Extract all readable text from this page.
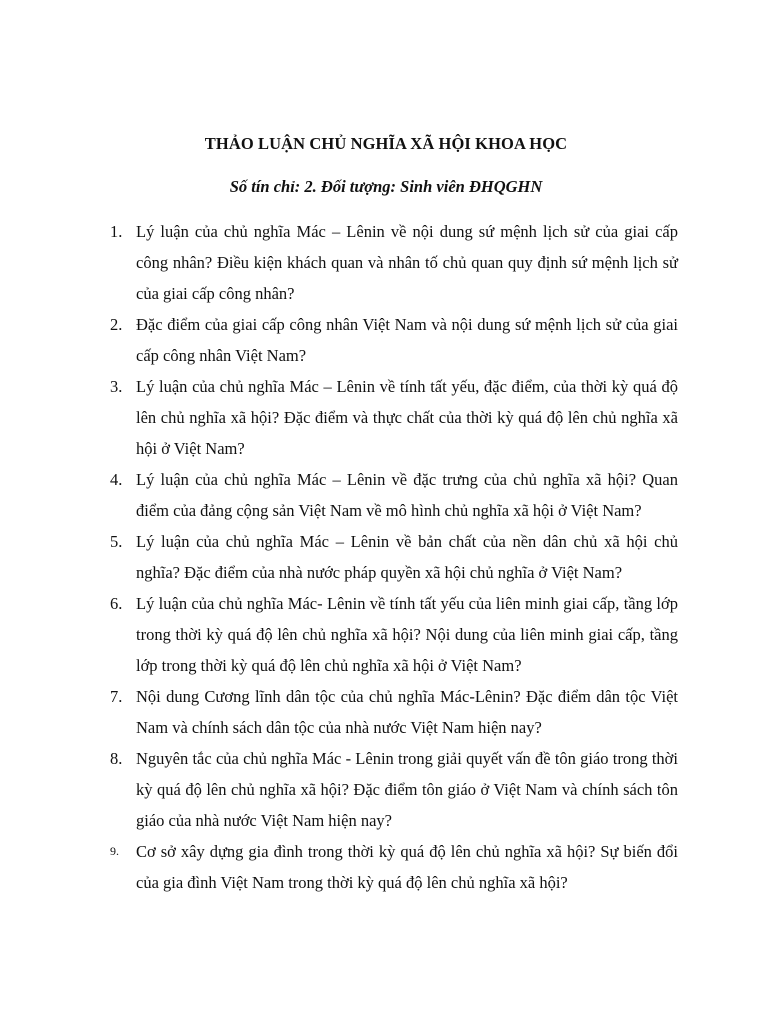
THẢO LUẬN CHỦ NGHĨA XÃ HỘI KHOA HỌC
Số tín chỉ: 2. Đối tượng: Sinh viên ĐHQGHN
1. Lý luận của chủ nghĩa Mác – Lênin về nội dung sứ mệnh lịch sử của giai cấp công nhân? Điều kiện khách quan và nhân tố chủ quan quy định sứ mệnh lịch sử của giai cấp công nhân?
2. Đặc điểm của giai cấp công nhân Việt Nam và nội dung sứ mệnh lịch sử của giai cấp công nhân Việt Nam?
3. Lý luận của chủ nghĩa Mác – Lênin về tính tất yếu, đặc điểm, của thời kỳ quá độ lên chủ nghĩa xã hội? Đặc điểm và thực chất của thời kỳ quá độ lên chủ nghĩa xã hội ở Việt Nam?
4. Lý luận của chủ nghĩa Mác – Lênin về đặc trưng của chủ nghĩa xã hội? Quan điểm của đảng cộng sản Việt Nam về mô hình chủ nghĩa xã hội ở Việt Nam?
5. Lý luận của chủ nghĩa Mác – Lênin về bản chất của nền dân chủ xã hội chủ nghĩa? Đặc điểm của nhà nước pháp quyền xã hội chủ nghĩa ở Việt Nam?
6. Lý luận của chủ nghĩa Mác- Lênin về tính tất yếu của liên minh giai cấp, tầng lớp trong thời kỳ quá độ lên chủ nghĩa xã hội? Nội dung của liên minh giai cấp, tầng lớp trong thời kỳ quá độ lên chủ nghĩa xã hội ở Việt Nam?
7. Nội dung Cương lĩnh dân tộc của chủ nghĩa Mác-Lênin? Đặc điểm dân tộc Việt Nam và chính sách dân tộc của nhà nước Việt Nam hiện nay?
8. Nguyên tắc của chủ nghĩa Mác - Lênin trong giải quyết vấn đề tôn giáo trong thời kỳ quá độ lên chủ nghĩa xã hội? Đặc điểm tôn giáo ở Việt Nam và chính sách tôn giáo của nhà nước Việt Nam hiện nay?
9. Cơ sở xây dựng gia đình trong thời kỳ quá độ lên chủ nghĩa xã hội? Sự biến đổi của gia đình Việt Nam trong thời kỳ quá độ lên chủ nghĩa xã hội?
